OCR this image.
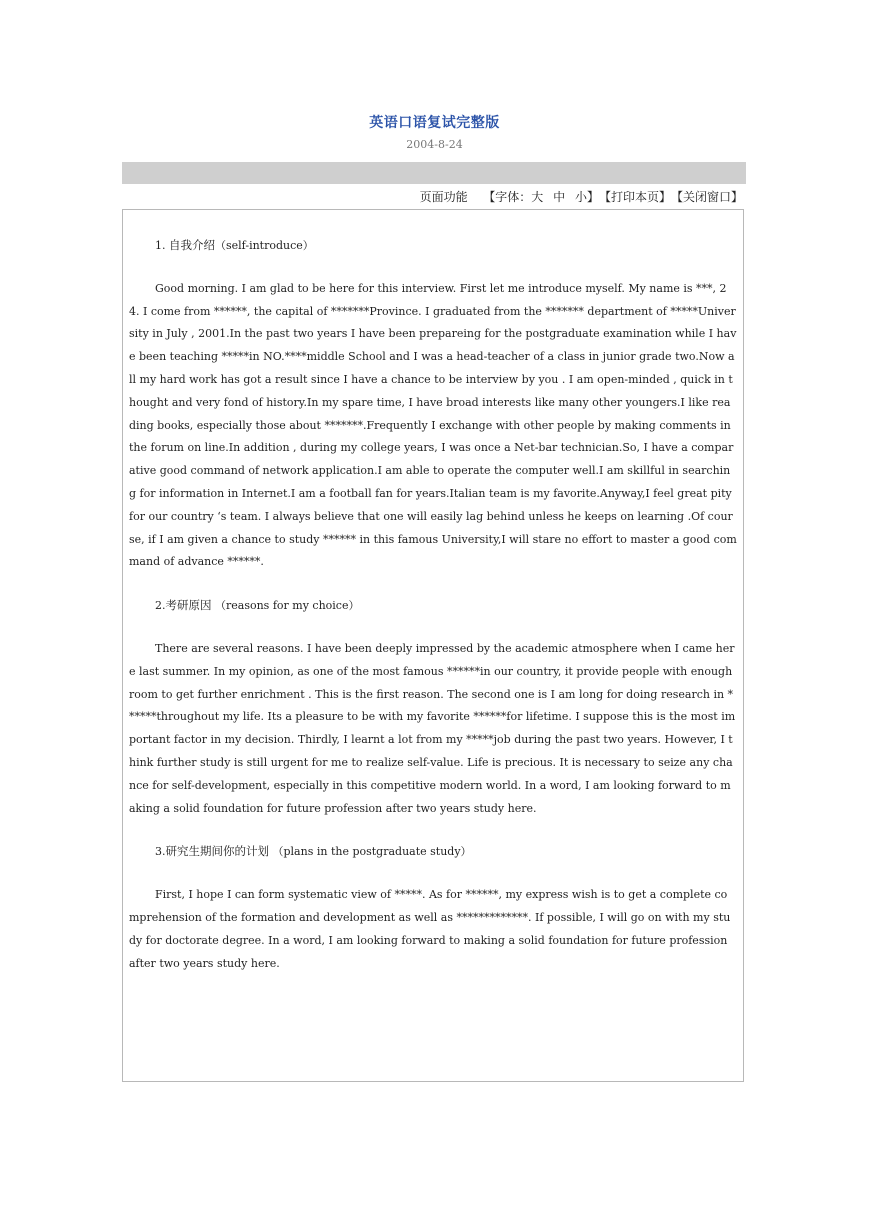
英语口语复试完整版
2004-8-24
页面功能 【字体：大 中 小】【打印本页】【关闭窗口】
1. 自我介绍（self-introduce）
Good morning. I am glad to be here for this interview. First let me introduce myself. My name is ***, 24. I come from ******, the capital of *******Province. I graduated from the ******* department of *****University in July , 2001.In the past two years I have been prepareing for the postgraduate examination while I have been teaching *****in NO.****middle School and I was a head-teacher of a class in junior grade two.Now all my hard work has got a result since I have a chance to be interview by you . I am open-minded , quick in thought and very fond of history.In my spare time, I have broad interests like many other youngers.I like reading books, especially those about *******.Frequently I exchange with other people by making comments in the forum on line.In addition , during my college years, I was once a Net-bar technician.So, I have a comparative good command of network application.I am able to operate the computer well.I am skillful in searching for information in Internet.I am a football fan for years.Italian team is my favorite.Anyway,I feel great pity for our country ‘s team. I always believe that one will easily lag behind unless he keeps on learning .Of course, if I am given a chance to study ****** in this famous University,I will stare no effort to master a good command of advance ******.
2.考研原因 （reasons for my choice）
There are several reasons. I have been deeply impressed by the academic atmosphere when I came here last summer. In my opinion, as one of the most famous ******in our country, it provide people with enough room to get further enrichment . This is the first reason. The second one is I am long for doing research in ******throughout my life. Its a pleasure to be with my favorite ******for lifetime. I suppose this is the most important factor in my decision. Thirdly, I learnt a lot from my *****job during the past two years. However, I think further study is still urgent for me to realize self-value. Life is precious. It is necessary to seize any chance for self-development, especially in this competitive modern world. In a word, I am looking forward to making a solid foundation for future profession after two years study here.
3.研究生期间你的计划 （plans in the postgraduate study）
First, I hope I can form systematic view of *****. As for ******, my express wish is to get a complete comprehension of the formation and development as well as *************. If possible, I will go on with my study for doctorate degree. In a word, I am looking forward to making a solid foundation for future profession after two years study here.
